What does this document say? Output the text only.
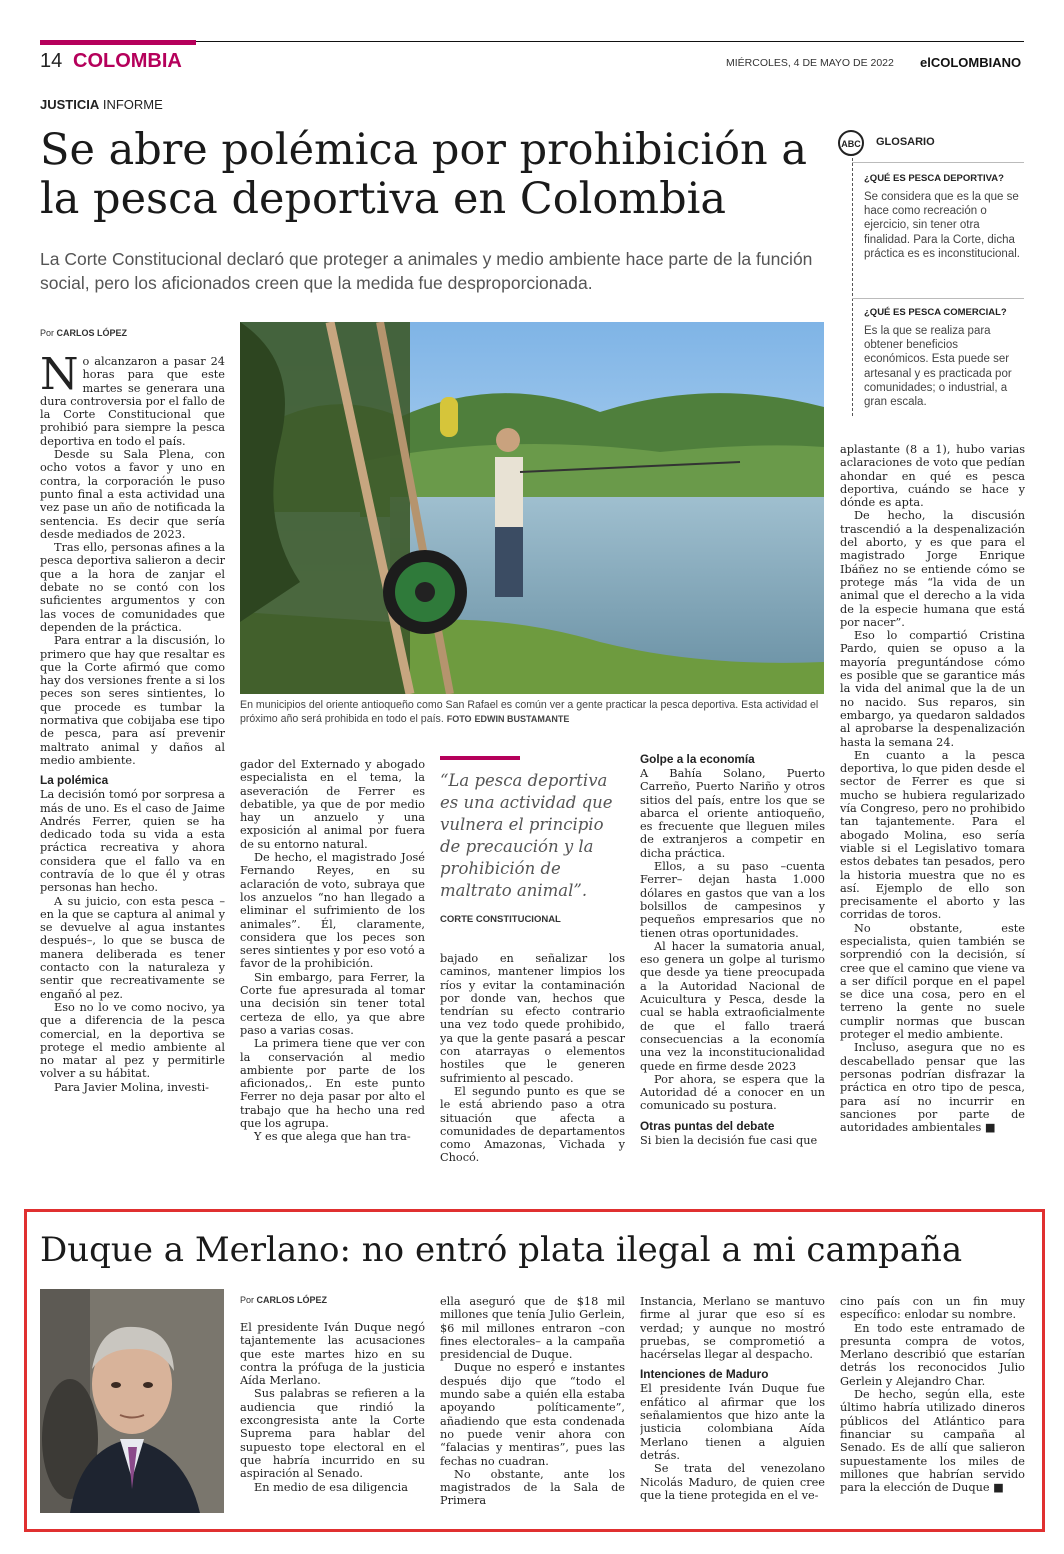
14 COLOMBIA	MIÉRCOLES, 4 DE MAYO DE 2022 elCOLOMBIANO
JUSTICIA INFORME
Se abre polémica por prohibición a la pesca deportiva en Colombia
La Corte Constitucional declaró que proteger a animales y medio ambiente hace parte de la función social, pero los aficionados creen que la medida fue desproporcionada.
Por CARLOS LÓPEZ
En municipios del oriente antioqueño como San Rafael es común ver a gente practicar la pesca deportiva. Esta actividad el próximo año será prohibida en todo el país. FOTO EDWIN BUSTAMANTE
ABC GLOSARIO
¿QUÉ ES PESCA DEPORTIVA?
Se considera que es la que se hace como recreación o ejercicio, sin tener otra finalidad. Para la Corte, dicha práctica es es inconstitucional.
¿QUÉ ES PESCA COMERCIAL?
Es la que se realiza para obtener beneficios económicos. Esta puede ser artesanal y es practicada por comunidades; o industrial, a gran escala.
N o alcanzaron a pasar 24 horas para que este martes se generara una dura controversia por el fallo de la Corte Constitucional que prohibió para siempre la pesca deportiva en todo el país.

Desde su Sala Plena, con ocho votos a favor y uno en contra, la corporación le puso punto final a esta actividad una vez pase un año de notificada la sentencia. Es decir que sería desde mediados de 2023.

Tras ello, personas afines a la pesca deportiva salieron a decir que a la hora de zanjar el debate no se contó con los suficientes argumentos y con las voces de comunidades que dependen de la práctica.

Para entrar a la discusión, lo primero que hay que resaltar es que la Corte afirmó que como hay dos versiones frente a si los peces son seres sintientes, lo que procede es tumbar la normativa que cobijaba ese tipo de pesca, para así prevenir maltrato animal y daños al medio ambiente.

La polémica

La decisión tomó por sorpresa a más de uno. Es el caso de Jaime Andrés Ferrer, quien se ha dedicado toda su vida a esta práctica recreativa y ahora considera que el fallo va en contravía de lo que él y otras personas han hecho.

A su juicio, con esta pesca –en la que se captura al animal y se devuelve al agua instantes después–, lo que se busca de manera deliberada es tener contacto con la naturaleza y sentir que recreativamente se engañó al pez.

Eso no lo ve como nocivo, ya que a diferencia de la pesca comercial, en la deportiva se protege el medio ambiente al no matar al pez y permitirle volver a su hábitat.

Para Javier Molina, investi-

gador del Externado y abogado especialista en el tema, la aseveración de Ferrer es debatible, ya que de por medio hay un anzuelo y una exposición al animal por fuera de su entorno natural.

De hecho, el magistrado José Fernando Reyes, en su aclaración de voto, subraya que los anzuelos “no han llegado a eliminar el sufrimiento de los animales”. Él, claramente, considera que los peces son seres sintientes y por eso votó a favor de la prohibición.

Sin embargo, para Ferrer, la Corte fue apresurada al tomar una decisión sin tener total certeza de ello, ya que abre paso a varias cosas.

La primera tiene que ver con la conservación al medio ambiente por parte de los aficionados,. En este punto Ferrer no deja pasar por alto el trabajo que ha hecho una red que los agrupa.

Y es que alega que han tra-

“La pesca deportiva es una actividad que vulnera el principio de precaución y la prohibición de maltrato animal”.
CORTE CONSTITUCIONAL

bajado en señalizar los caminos, mantener limpios los ríos y evitar la contaminación por donde van, hechos que tendrían su efecto contrario una vez todo quede prohibido, ya que la gente pasará a pescar con atarrayas o elementos hostiles que le generen sufrimiento al pescado.

El segundo punto es que se le está abriendo paso a otra situación que afecta a comunidades de departamentos como Amazonas, Vichada y Chocó.

Golpe a la economía

A Bahía Solano, Puerto Carreño, Puerto Nariño y otros sitios del país, entre los que se abarca el oriente antioqueño, es frecuente que lleguen miles de extranjeros a competir en dicha práctica.

Ellos, a su paso –cuenta Ferrer– dejan hasta 1.000 dólares en gastos que van a los bolsillos de campesinos y pequeños empresarios que no tienen otras oportunidades.

Al hacer la sumatoria anual, eso genera un golpe al turismo que desde ya tiene preocupada a la Autoridad Nacional de Acuicultura y Pesca, desde la cual se habla extraoficialmente de que el fallo traerá consecuencias a la economía una vez la inconstitucionalidad quede en firme desde 2023

Por ahora, se espera que la Autoridad dé a conocer en un comunicado su postura.

Otras puntas del debate

Si bien la decisión fue casi que

aplastante (8 a 1), hubo varias aclaraciones de voto que pedían ahondar en qué es pesca deportiva, cuándo se hace y dónde es apta.

De hecho, la discusión trascendió a la despenalización del aborto, y es que para el magistrado Jorge Enrique Ibáñez no se entiende cómo se protege más “la vida de un animal que el derecho a la vida de la especie humana que está por nacer”.

Eso lo compartió Cristina Pardo, quien se opuso a la mayoría preguntándose cómo es posible que se garantice más la vida del animal que la de un no nacido. Sus reparos, sin embargo, ya quedaron saldados al aprobarse la despenalización hasta la semana 24.

En cuanto a la pesca deportiva, lo que piden desde el sector de Ferrer es que si mucho se hubiera regularizado vía Congreso, pero no prohibido tan tajantemente. Para el abogado Molina, eso sería viable si el Legislativo tomara estos debates tan pesados, pero la historia muestra que no es así. Ejemplo de ello son precisamente el aborto y las corridas de toros.

No obstante, este especialista, quien también se sorprendió con la decisión, sí cree que el camino que viene va a ser difícil porque en el papel se dice una cosa, pero en el terreno la gente no suele cumplir normas que buscan proteger el medio ambiente.

Incluso, asegura que no es descabellado pensar que las personas podrían disfrazar la práctica en otro tipo de pesca, para así no incurrir en sanciones por parte de autoridades ambientales ■

Duque a Merlano: no entró plata ilegal a mi campaña
Por CARLOS LÓPEZ

El presidente Iván Duque negó tajantemente las acusaciones que este martes hizo en su contra la prófuga de la justicia Aída Merlano.

Sus palabras se refieren a la audiencia que rindió la excongresista ante la Corte Suprema para hablar del supuesto tope electoral en el que habría incurrido en su aspiración al Senado.

En medio de esa diligencia

ella aseguró que de $18 mil millones que tenía Julio Gerlein, $6 mil millones entraron –con fines electorales– a la campaña presidencial de Duque.

Duque no esperó e instantes después dijo que “todo el mundo sabe a quién ella estaba apoyando políticamente”, añadiendo que esta condenada no puede venir ahora con “falacias y mentiras”, pues las fechas no cuadran.

No obstante, ante los magistrados de la Sala de Primera

Instancia, Merlano se mantuvo firme al jurar que eso sí es verdad; y aunque no mostró pruebas, se comprometió a hacérselas llegar al despacho.

Intenciones de Maduro

El presidente Iván Duque fue enfático al afirmar que los señalamientos que hizo ante la justicia colombiana Aída Merlano tienen a alguien detrás.

Se trata del venezolano Nicolás Maduro, de quien cree que la tiene protegida en el ve-

cino país con un fin muy específico: enlodar su nombre.

En todo este entramado de presunta compra de votos, Merlano describió que estarían detrás los reconocidos Julio Gerlein y Alejandro Char.

De hecho, según ella, este último habría utilizado dineros públicos del Atlántico para financiar su campaña al Senado. Es de allí que salieron supuestamente los miles de millones que habrían servido para la elección de Duque ■
